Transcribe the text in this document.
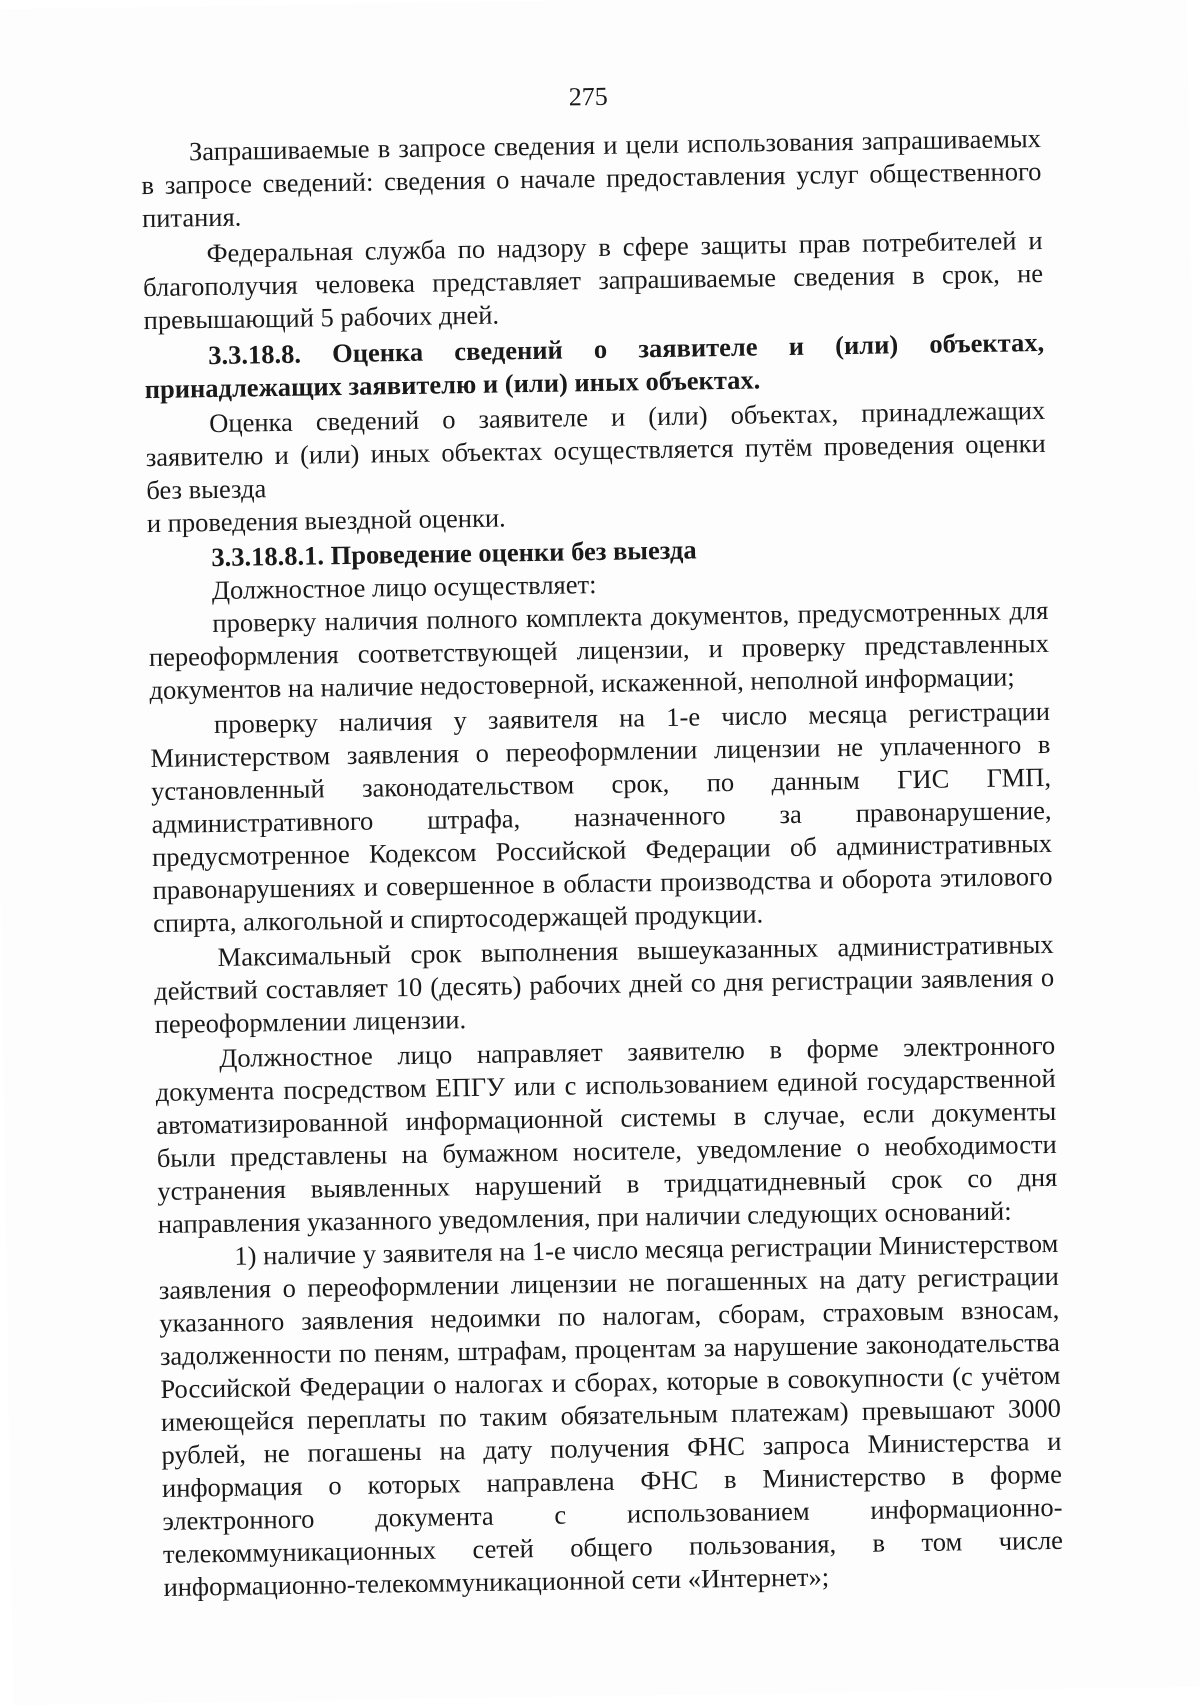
275

Запрашиваемые в запросе сведения и цели использования запрашиваемых в запросе сведений: сведения о начале предоставления услуг общественного питания.

Федеральная служба по надзору в сфере защиты прав потребителей и благополучия человека представляет запрашиваемые сведения в срок, не превышающий 5 рабочих дней.

3.3.18.8. Оценка сведений о заявителе и (или) объектах, принадлежащих заявителю и (или) иных объектах.

Оценка сведений о заявителе и (или) объектах, принадлежащих заявителю и (или) иных объектах осуществляется путём проведения оценки без выезда

и проведения выездной оценки.

3.3.18.8.1. Проведение оценки без выезда

Должностное лицо осуществляет:

проверку наличия полного комплекта документов, предусмотренных для переоформления соответствующей лицензии, и проверку представленных документов на наличие недостоверной, искаженной, неполной информации;

проверку наличия у заявителя на 1-е число месяца регистрации Министерством заявления о переоформлении лицензии не уплаченного в установленный законодательством срок, по данным ГИС ГМП, административного штрафа, назначенного за правонарушение, предусмотренное Кодексом Российской Федерации об административных правонарушениях и совершенное в области производства и оборота этилового спирта, алкогольной и спиртосодержащей продукции.

Максимальный срок выполнения вышеуказанных административных действий составляет 10 (десять) рабочих дней со дня регистрации заявления о переоформлении лицензии.

Должностное лицо направляет заявителю в форме электронного документа посредством ЕПГУ или с использованием единой государственной автоматизированной информационной системы в случае, если документы были представлены на бумажном носителе, уведомление о необходимости устранения выявленных нарушений в тридцатидневный срок со дня направления указанного уведомления, при наличии следующих оснований:

1) наличие у заявителя на 1-е число месяца регистрации Министерством заявления о переоформлении лицензии не погашенных на дату регистрации указанного заявления недоимки по налогам, сборам, страховым взносам, задолженности по пеням, штрафам, процентам за нарушение законодательства Российской Федерации о налогах и сборах, которые в совокупности (с учётом имеющейся переплаты по таким обязательным платежам) превышают 3000 рублей, не погашены на дату получения ФНС запроса Министерства и информация о которых направлена ФНС в Министерство в форме электронного документа с использованием информационно-телекоммуникационных сетей общего пользования, в том числе информационно-телекоммуникационной сети «Интернет»;
